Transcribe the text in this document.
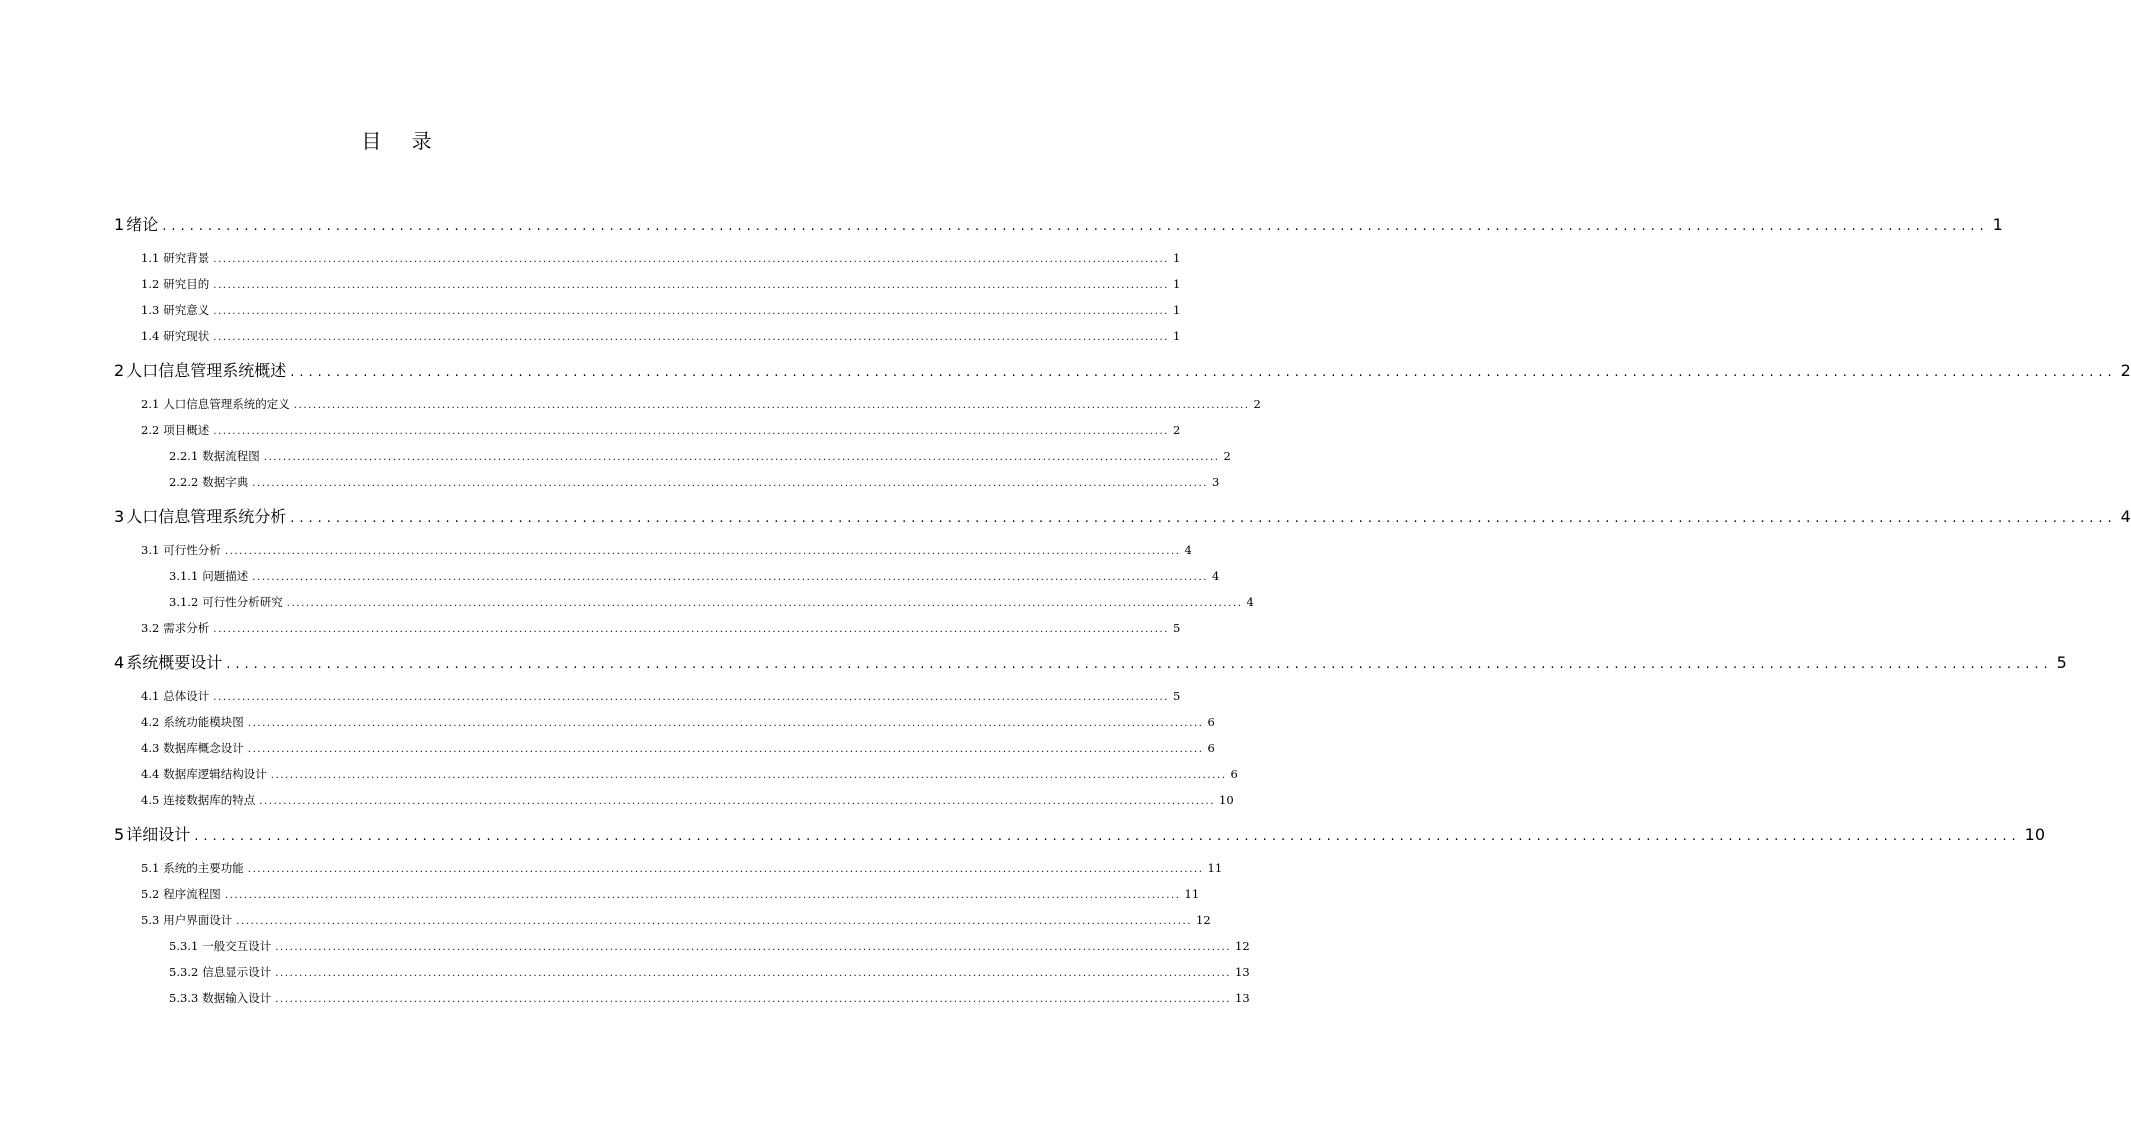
目 录
1 绪论 ........................................................................................................................................................................................................ 1
1.1 研究背景 ........................................................................................................................................................................................................ 1
1.2 研究目的 ........................................................................................................................................................................................................ 1
1.3 研究意义 ........................................................................................................................................................................................................ 1
1.4 研究现状 ........................................................................................................................................................................................................ 1
2 人口信息管理系统概述 ........................................................................................................................................................................................................ 2
2.1 人口信息管理系统的定义 ........................................................................................................................................................................................................ 2
2.2 项目概述 ........................................................................................................................................................................................................ 2
2.2.1 数据流程图 ........................................................................................................................................................................................................ 2
2.2.2 数据字典 ........................................................................................................................................................................................................ 3
3 人口信息管理系统分析 ........................................................................................................................................................................................................ 4
3.1 可行性分析 ........................................................................................................................................................................................................ 4
3.1.1 问题描述 ........................................................................................................................................................................................................ 4
3.1.2 可行性分析研究 ........................................................................................................................................................................................................ 4
3.2 需求分析 ........................................................................................................................................................................................................ 5
4 系统概要设计 ........................................................................................................................................................................................................ 5
4.1 总体设计 ........................................................................................................................................................................................................ 5
4.2 系统功能模块图 ........................................................................................................................................................................................................ 6
4.3 数据库概念设计 ........................................................................................................................................................................................................ 6
4.4 数据库逻辑结构设计 ........................................................................................................................................................................................................ 6
4.5 连接数据库的特点 ........................................................................................................................................................................................................ 10
5 详细设计 ........................................................................................................................................................................................................ 10
5.1 系统的主要功能 ........................................................................................................................................................................................................ 11
5.2 程序流程图 ........................................................................................................................................................................................................ 11
5.3 用户界面设计 ........................................................................................................................................................................................................ 12
5.3.1 一般交互设计 ........................................................................................................................................................................................................ 12
5.3.2 信息显示设计 ........................................................................................................................................................................................................ 13
5.3.3 数据输入设计 ........................................................................................................................................................................................................ 13
